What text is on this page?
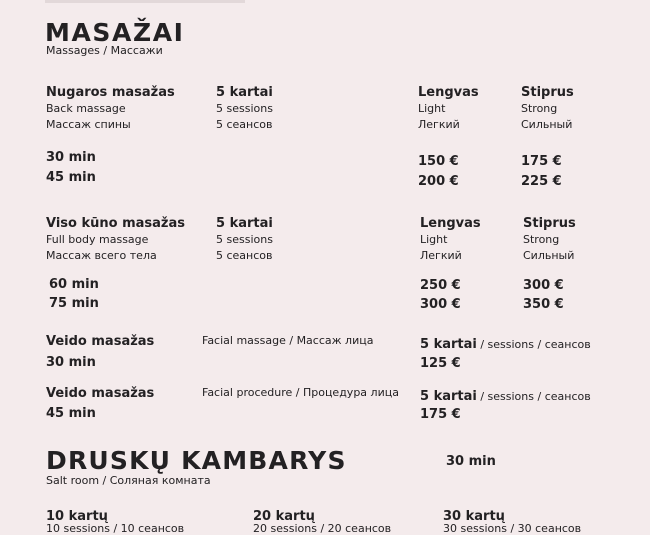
MASAŽAI
Massages / Массажи
Nugaros masažas
Back massage
Массаж спины
5 kartai
5 sessions
5 сеансов
Lengvas
Light
Легкий
Stiprus
Strong
Сильный
30 min
45 min
150 €
200 €
175 €
225 €
Viso kūno masažas
Full body massage
Массаж всего тела
5 kartai
5 sessions
5 сеансов
Lengvas
Light
Легкий
Stiprus
Strong
Сильный
60 min
75 min
250 €
300 €
300 €
350 €
Veido masažas
30 min
Facial massage / Массаж лица	5 kartai / sessions / сеансов
125 €
Veido masažas
45 min
Facial procedure / Процедура лица 5 kartai / sessions / сеансов
175 €
DRUSKŲ KAMBARYS	30 min
Salt room / Соляная комната
10 kartų
10 sessions / 10 сеансов
20 kartų
20 sessions / 20 сеансов
30 kartų
30 sessions / 30 сеансов
